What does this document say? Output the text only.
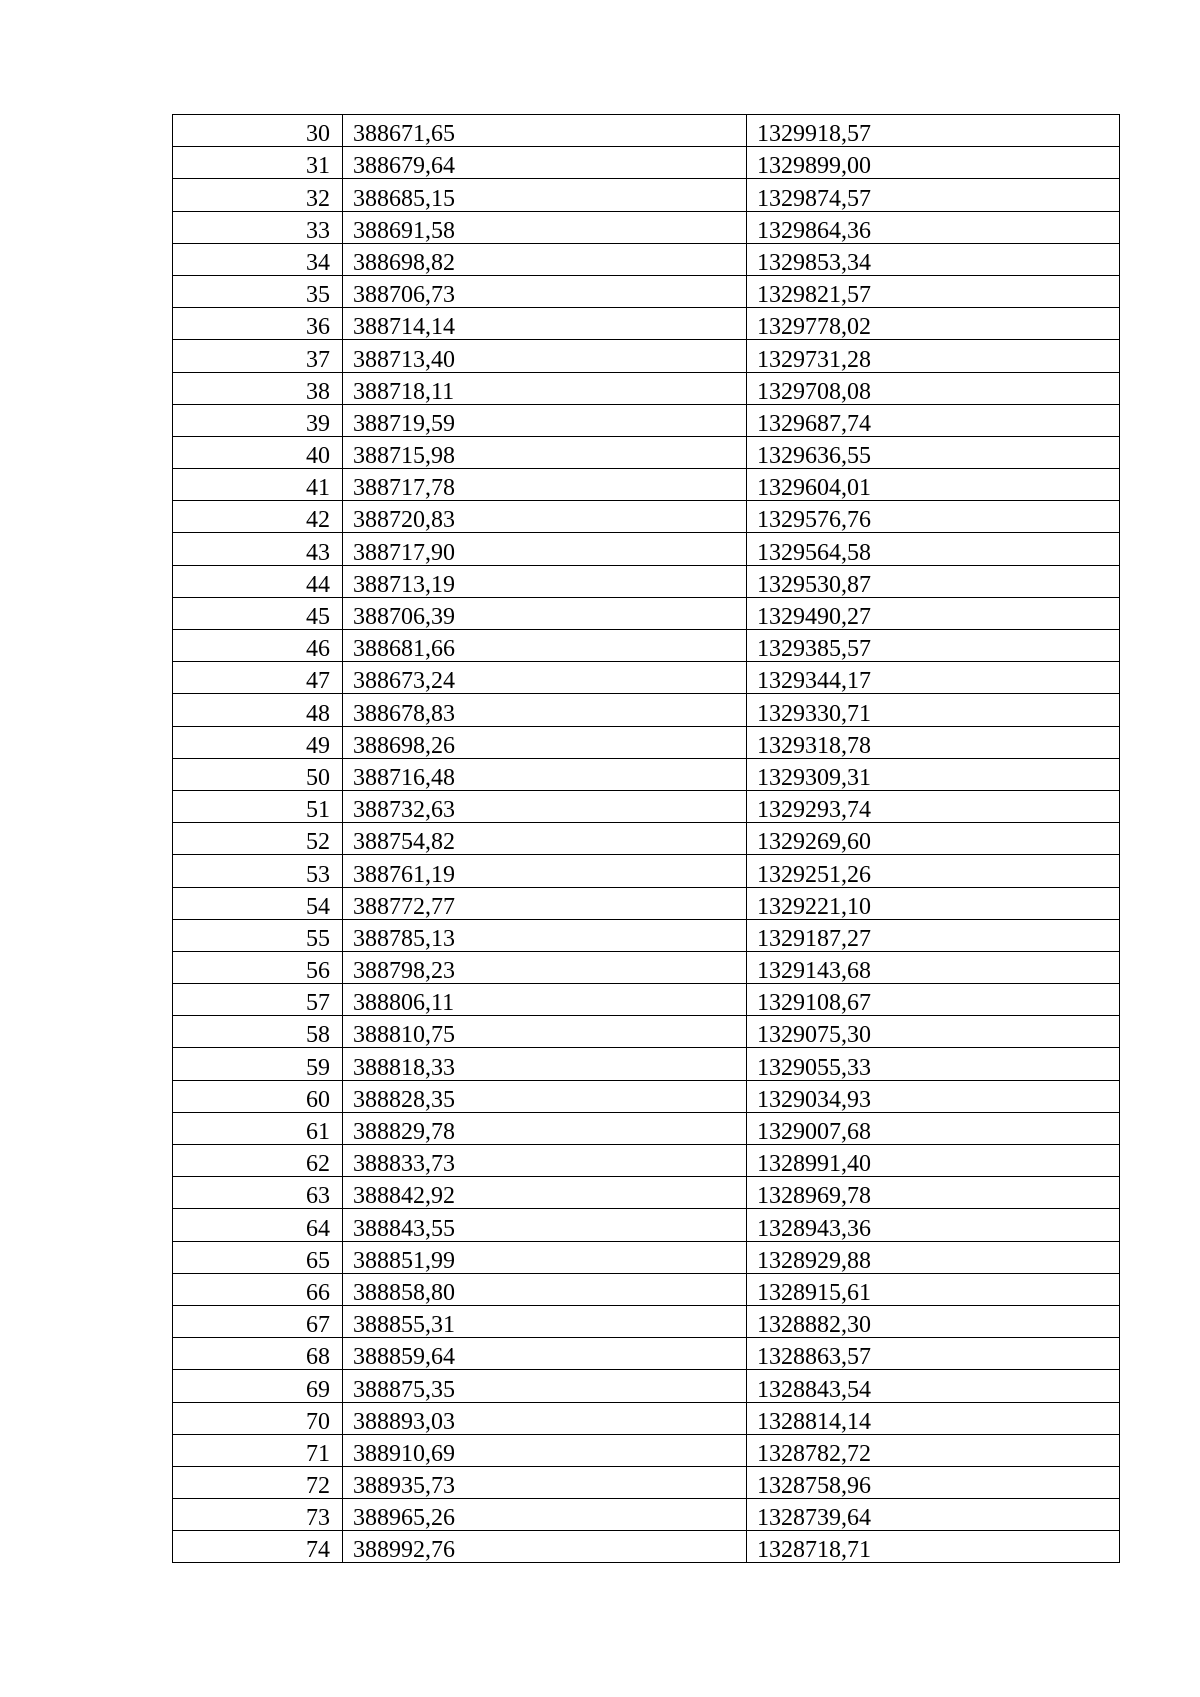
30	388671,65	1329918,57
31	388679,64	1329899,00
32	388685,15	1329874,57
33	388691,58	1329864,36
34	388698,82	1329853,34
35	388706,73	1329821,57
36	388714,14	1329778,02
37	388713,40	1329731,28
38	388718,11	1329708,08
39	388719,59	1329687,74
40	388715,98	1329636,55
41	388717,78	1329604,01
42	388720,83	1329576,76
43	388717,90	1329564,58
44	388713,19	1329530,87
45	388706,39	1329490,27
46	388681,66	1329385,57
47	388673,24	1329344,17
48	388678,83	1329330,71
49	388698,26	1329318,78
50	388716,48	1329309,31
51	388732,63	1329293,74
52	388754,82	1329269,60
53	388761,19	1329251,26
54	388772,77	1329221,10
55	388785,13	1329187,27
56	388798,23	1329143,68
57	388806,11	1329108,67
58	388810,75	1329075,30
59	388818,33	1329055,33
60	388828,35	1329034,93
61	388829,78	1329007,68
62	388833,73	1328991,40
63	388842,92	1328969,78
64	388843,55	1328943,36
65	388851,99	1328929,88
66	388858,80	1328915,61
67	388855,31	1328882,30
68	388859,64	1328863,57
69	388875,35	1328843,54
70	388893,03	1328814,14
71	388910,69	1328782,72
72	388935,73	1328758,96
73	388965,26	1328739,64
74	388992,76	1328718,71
